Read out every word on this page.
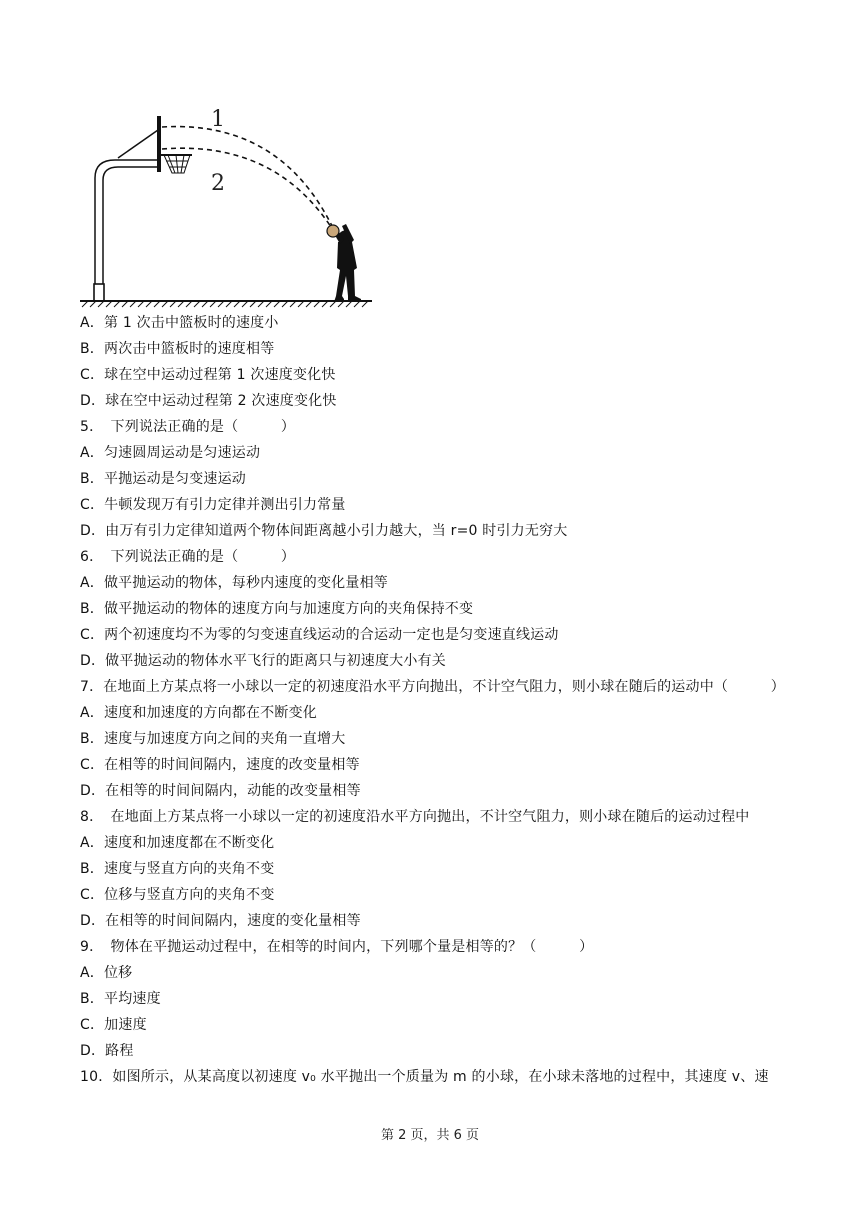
1
2
A．第 1 次击中篮板时的速度小
B．两次击中篮板时的速度相等
C．球在空中运动过程第 1 次速度变化快
D．球在空中运动过程第 2 次速度变化快
5．　下列说法正确的是（　　　）
A．匀速圆周运动是匀速运动
B．平抛运动是匀变速运动
C．牛顿发现万有引力定律并测出引力常量
D．由万有引力定律知道两个物体间距离越小引力越大，当 r=0 时引力无穷大
6．　下列说法正确的是（　　　）
A．做平抛运动的物体，每秒内速度的变化量相等
B．做平抛运动的物体的速度方向与加速度方向的夹角保持不变
C．两个初速度均不为零的匀变速直线运动的合运动一定也是匀变速直线运动
D．做平抛运动的物体水平飞行的距离只与初速度大小有关
7．在地面上方某点将一小球以一定的初速度沿水平方向抛出，不计空气阻力，则小球在随后的运动中（　　　）
A．速度和加速度的方向都在不断变化
B．速度与加速度方向之间的夹角一直增大
C．在相等的时间间隔内，速度的改变量相等
D．在相等的时间间隔内，动能的改变量相等
8．　在地面上方某点将一小球以一定的初速度沿水平方向抛出，不计空气阻力，则小球在随后的运动过程中
A．速度和加速度都在不断变化
B．速度与竖直方向的夹角不变
C．位移与竖直方向的夹角不变
D．在相等的时间间隔内，速度的变化量相等
9．　物体在平抛运动过程中，在相等的时间内，下列哪个量是相等的？（　　　）
A．位移
B．平均速度
C．加速度
D．路程
10．如图所示，从某高度以初速度 v₀ 水平抛出一个质量为 m 的小球，在小球未落地的过程中，其速度 v、速
第 2 页，共 6 页
